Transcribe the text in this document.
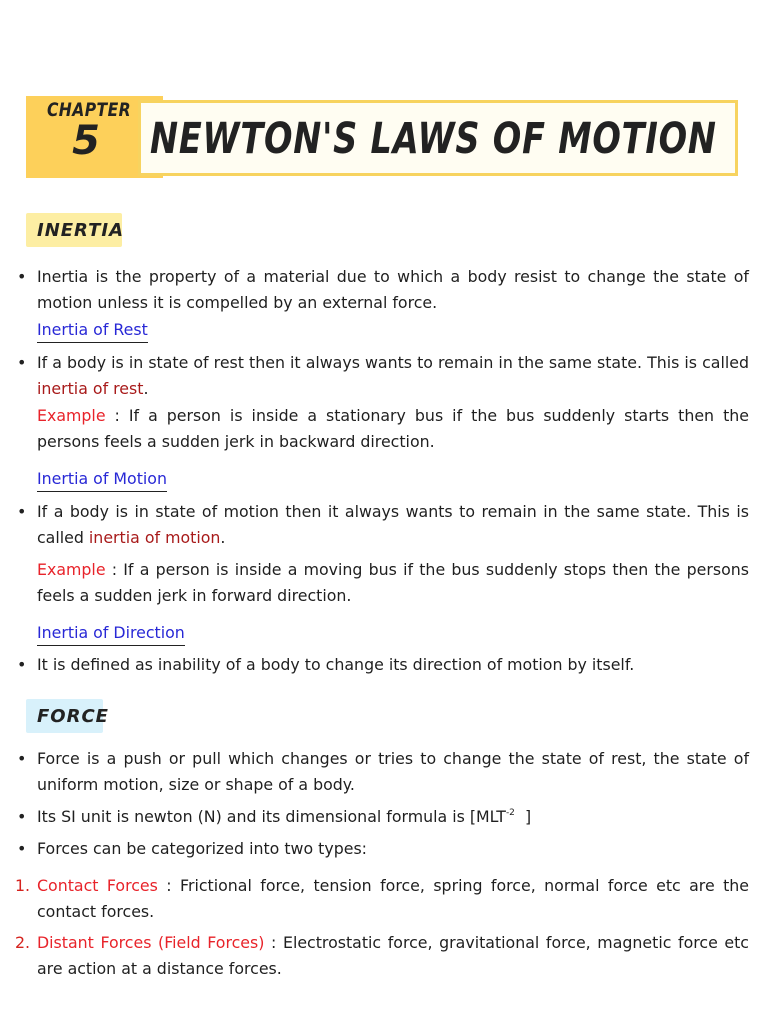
CHAPTER
5	NEWTON'S LAWS OF MOTION
INERTIA
• Inertia is the property of a material due to which a body resist to change the state of motion unless it is compelled by an external force.
Inertia of Rest
• If a body is in state of rest then it always wants to remain in the same state. This is called inertia of rest.
Example : If a person is inside a stationary bus if the bus suddenly starts then the persons feels a sudden jerk in backward direction.
Inertia of Motion
• If a body is in state of motion then it always wants to remain in the same state. This is called inertia of motion.
Example : If a person is inside a moving bus if the bus suddenly stops then the persons feels a sudden jerk in forward direction.
Inertia of Direction
• It is defined as inability of a body to change its direction of motion by itself.
FORCE
• Force is a push or pull which changes or tries to change the state of rest, the state of uniform motion, size or shape of a body.
• Its SI unit is newton (N) and its dimensional formula is [$MLT^{-2}$  ]
• Forces can be categorized into two types:
1. Contact Forces : Frictional force, tension force, spring force, normal force etc are the contact forces.
2. Distant Forces (Field Forces) : Electrostatic force, gravitational force, magnetic force etc are action at a distance forces.
